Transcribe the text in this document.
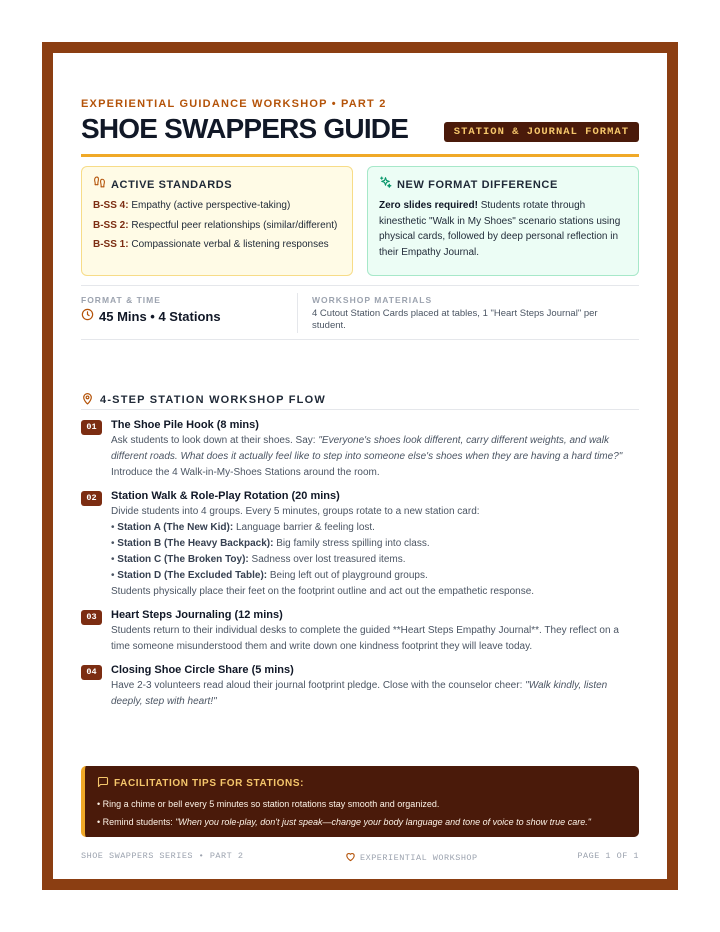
EXPERIENTIAL GUIDANCE WORKSHOP • PART 2
SHOE SWAPPERS GUIDE	STATION & JOURNAL FORMAT
ACTIVE STANDARDS
B-SS 4: Empathy (active perspective-taking)
B-SS 2: Respectful peer relationships (similar/different)
B-SS 1: Compassionate verbal & listening responses
NEW FORMAT DIFFERENCE
Zero slides required! Students rotate through kinesthetic "Walk in My Shoes" scenario stations using physical cards, followed by deep personal reflection in their Empathy Journal.
FORMAT & TIME
45 Mins • 4 Stations
WORKSHOP MATERIALS
4 Cutout Station Cards placed at tables, 1 "Heart Steps Journal" per student.
4-STEP STATION WORKSHOP FLOW
01	The Shoe Pile Hook (8 mins)
Ask students to look down at their shoes. Say: "Everyone's shoes look different, carry different weights, and walk different roads. What does it actually feel like to step into someone else's shoes when they are having a hard time?" Introduce the 4 Walk-in-My-Shoes Stations around the room.
02	Station Walk & Role-Play Rotation (20 mins)
Divide students into 4 groups. Every 5 minutes, groups rotate to a new station card:
• Station A (The New Kid): Language barrier & feeling lost.
• Station B (The Heavy Backpack): Big family stress spilling into class.
• Station C (The Broken Toy): Sadness over lost treasured items.
• Station D (The Excluded Table): Being left out of playground groups.
Students physically place their feet on the footprint outline and act out the empathetic response.
03	Heart Steps Journaling (12 mins)
Students return to their individual desks to complete the guided **Heart Steps Empathy Journal**. They reflect on a time someone misunderstood them and write down one kindness footprint they will leave today.
04	Closing Shoe Circle Share (5 mins)
Have 2-3 volunteers read aloud their journal footprint pledge. Close with the counselor cheer: "Walk kindly, listen deeply, step with heart!"
FACILITATION TIPS FOR STATIONS:
• Ring a chime or bell every 5 minutes so station rotations stay smooth and organized.
• Remind students: "When you role-play, don't just speak—change your body language and tone of voice to show true care."
SHOE SWAPPERS SERIES • PART 2	EXPERIENTIAL WORKSHOP	PAGE 1 OF 1
